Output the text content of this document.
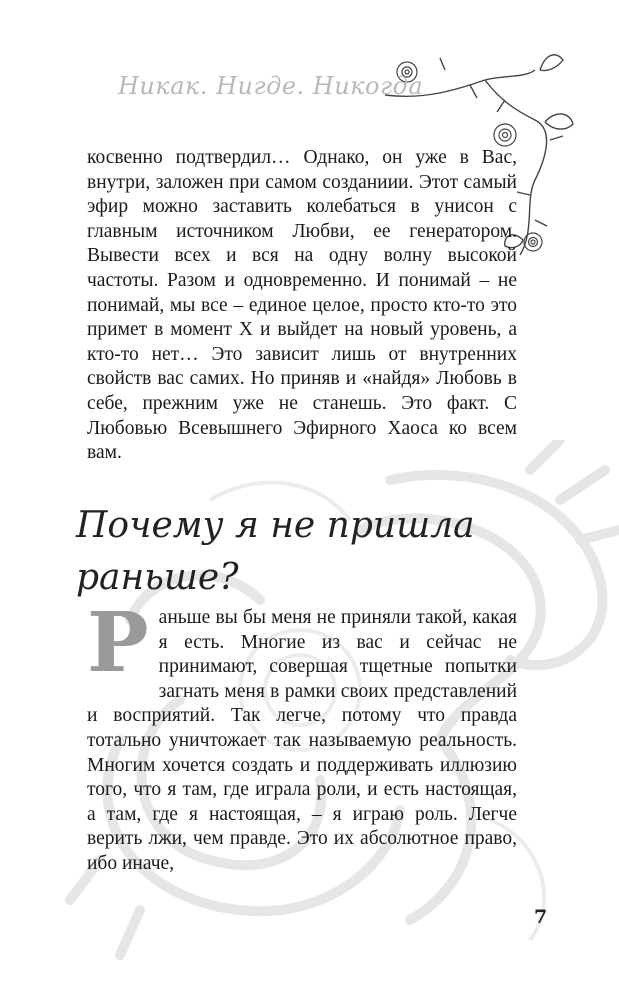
Никак. Нигде. Никогда

косвенно подтвердил… Однако, он уже в Вас, внутри, заложен при самом созданиии. Этот самый эфир можно заставить колебаться в унисон с главным источником Любви, ее генератором. Вывести всех и вся на одну волну высокой частоты. Разом и одновременно. И понимай – не понимай, мы все – единое целое, просто кто-то это примет в момент Х и выйдет на новый уровень, а кто-то нет… Это зависит лишь от внутренних свойств вас самих. Но приняв и «найдя» Любовь в себе, прежним уже не станешь. Это факт. С Любовью Всевышнего Эфирного Хаоса ко всем вам.

Почему я не пришла
раньше?
Р аньше вы бы меня не приняли такой, какая я есть. Многие из вас и сейчас не принимают, совершая тщетные попытки загнать меня в рамки своих представлений и восприятий. Так легче, потому что правда тотально уничтожает так называемую реальность. Многим хочется создать и поддерживать иллюзию того, что я там, где играла роли, и есть настоящая, а там, где я настоящая, – я играю роль. Легче верить лжи, чем правде. Это их абсолютное право, ибо иначе,

7
